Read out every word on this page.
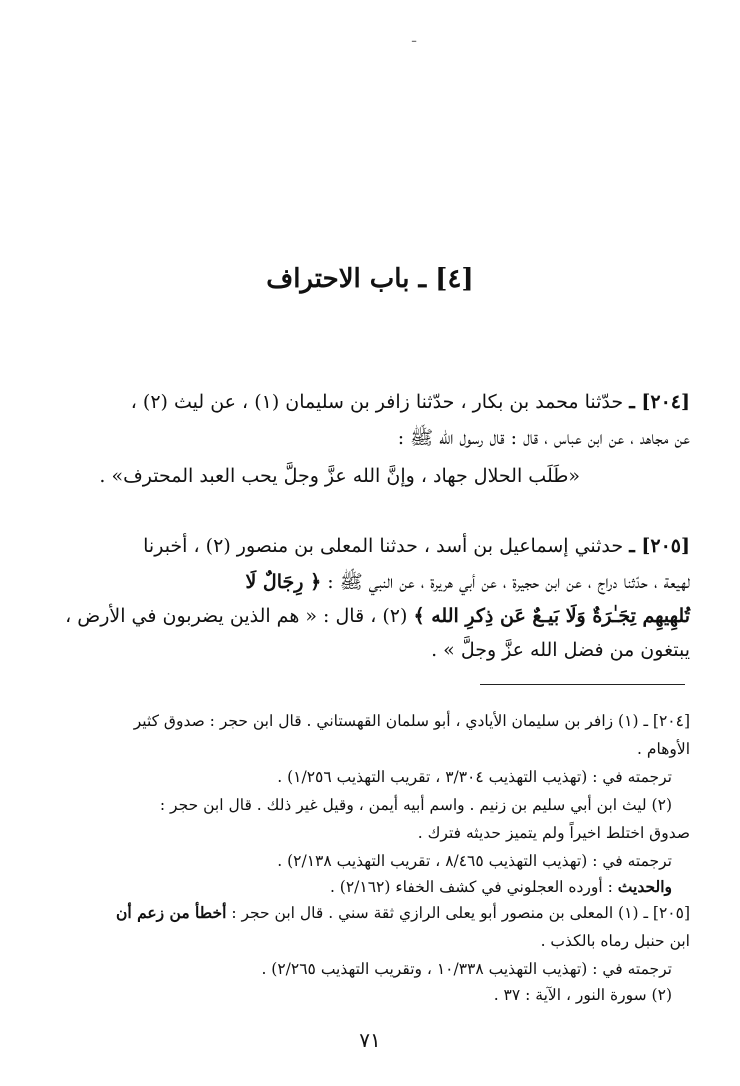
ـ
[٤] ـ باب الاحتراف
[٢٠٤] ـ حدّثنا محمد بن بكار ، حدّثنا زافر بن سليمان (١) ، عن ليث (٢) ،
عن مجاهد ، عن ابن عباس ، قال : قال رسول الله ﷺ :
«طَلَب الحلال جهاد ، وإنَّ الله عزَّ وجلَّ يحب العبد المحترف» .
[٢٠٥] ـ حدثني إسماعيل بن أسد ، حدثنا المعلى بن منصور (٢) ، أخبرنا
لهيعة ، حدّثنا دراج ، عن ابن حجيرة ، عن أبي هريرة ، عن النبي ﷺ : ﴿ رِجَالٌ لَا
تُلهِيهِم تِجَـٰرَةٌ وَلَا بَيـعٌ عَن ذِكرِ الله ﴾ (٢) ، قال : « هم الذين يضربون في الأرض ،
يبتغون من فضل الله عزَّ وجلَّ » .
[٢٠٤] ـ (١) زافر بن سليمان الأيادي ، أبو سلمان القهستاني . قال ابن حجر : صدوق كثير
الأوهام .
ترجمته في : (تهذيب التهذيب ٣/٣٠٤ ، تقريب التهذيب ١/٢٥٦) .
(٢) ليث ابن أبي سليم بن زنيم . واسم أبيه أيمن ، وقيل غير ذلك . قال ابن حجر :
صدوق اختلط اخيراً ولم يتميز حديثه فترك .
ترجمته في : (تهذيب التهذيب ٨/٤٦٥ ، تقريب التهذيب ٢/١٣٨) .
والحديث : أورده العجلوني في كشف الخفاء (٢/١٦٢) .
[٢٠٥] ـ (١) المعلى بن منصور أبو يعلى الرازي ثقة سني . قال ابن حجر : أخطأ من زعم أن
ابن حنبل رماه بالكذب .
ترجمته في : (تهذيب التهذيب ١٠/٣٣٨ ، وتقريب التهذيب ٢/٢٦٥) .
(٢) سورة النور ، الآية : ٣٧ .
٧١
